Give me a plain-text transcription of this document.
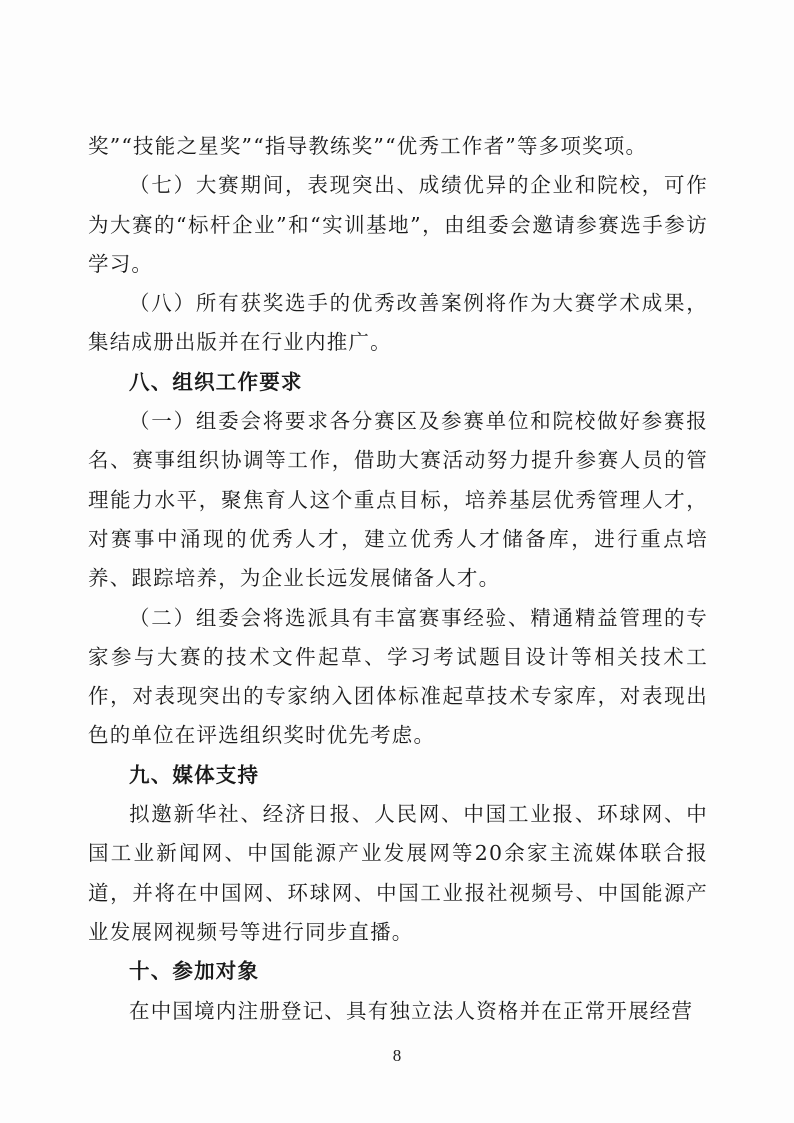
奖”“技能之星奖”“指导教练奖”“优秀工作者”等多项奖项。

（七）大赛期间，表现突出、成绩优异的企业和院校，可作为大赛的“标杆企业”和“实训基地”，由组委会邀请参赛选手参访学习。

（八）所有获奖选手的优秀改善案例将作为大赛学术成果，集结成册出版并在行业内推广。

八、组织工作要求

（一）组委会将要求各分赛区及参赛单位和院校做好参赛报名、赛事组织协调等工作，借助大赛活动努力提升参赛人员的管理能力水平，聚焦育人这个重点目标，培养基层优秀管理人才，对赛事中涌现的优秀人才，建立优秀人才储备库，进行重点培养、跟踪培养，为企业长远发展储备人才。

（二）组委会将选派具有丰富赛事经验、精通精益管理的专家参与大赛的技术文件起草、学习考试题目设计等相关技术工作，对表现突出的专家纳入团体标准起草技术专家库，对表现出色的单位在评选组织奖时优先考虑。

九、媒体支持

拟邀新华社、经济日报、人民网、中国工业报、环球网、中国工业新闻网、中国能源产业发展网等20余家主流媒体联合报道，并将在中国网、环球网、中国工业报社视频号、中国能源产业发展网视频号等进行同步直播。

十、参加对象

在中国境内注册登记、具有独立法人资格并在正常开展经营

8
